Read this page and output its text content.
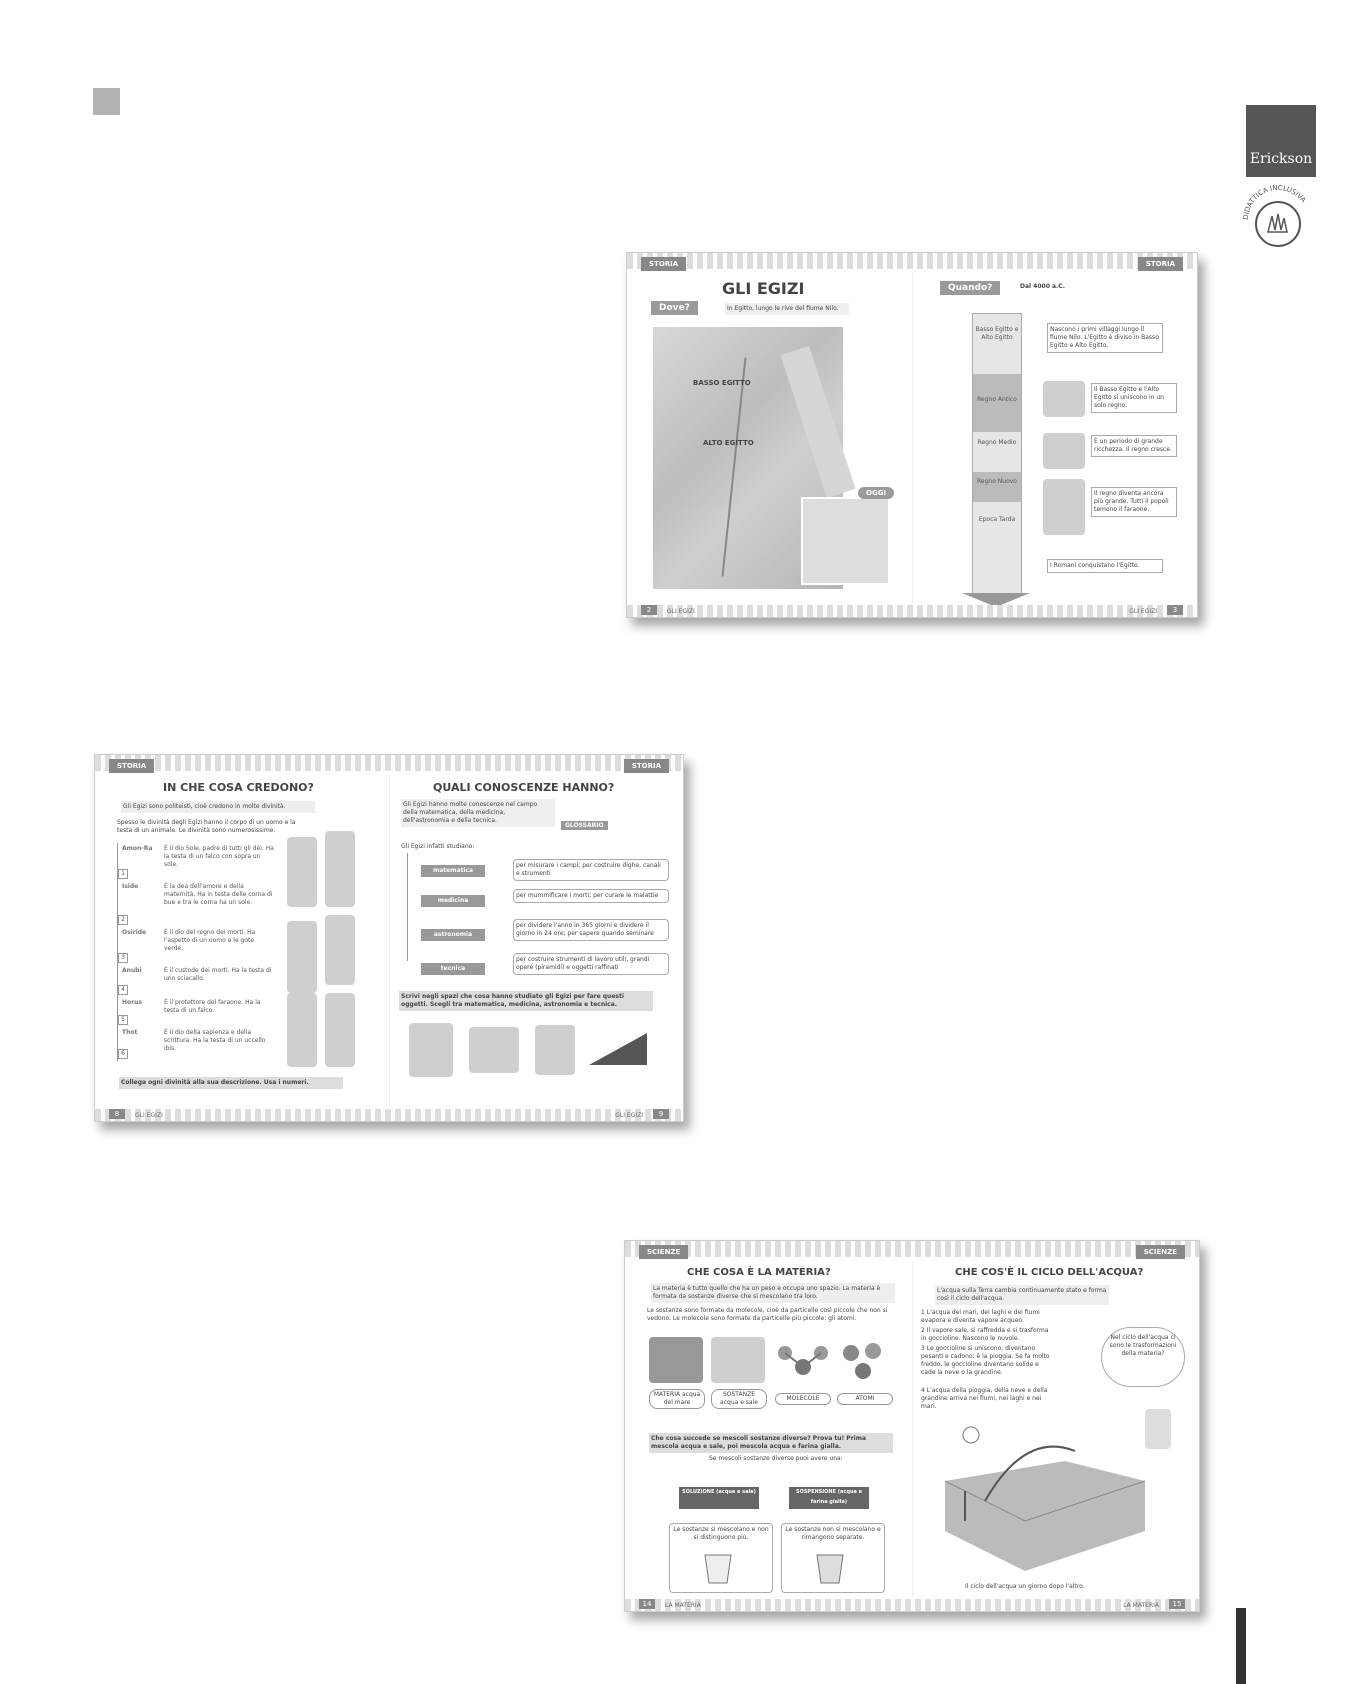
Erickson
DIDATTICA INCLUSIVA
STORIA	STORIA
GLI EGIZI
Dove?	In Egitto, lungo le rive del fiume Nilo.
BASSO EGITTO
ALTO EGITTO
OGGI
Quando?	Dal 4000 a.C.
Basso Egitto e Alto Egitto
Regno Antico
Regno Medio
Regno Nuovo
Epoca Tarda
Nascono i primi villaggi lungo il fiume Nilo. L'Egitto è diviso in Basso Egitto e Alto Egitto.
Il Basso Egitto e l'Alto Egitto si uniscono in un solo regno.
È un periodo di grande ricchezza. Il regno cresce.
Il regno diventa ancora più grande. Tutti il popoli temono il faraone.
I Romani conquistano l'Egitto.
2	GLI EGIZI	GLI EGIZI	3
STORIA	STORIA
IN CHE COSA CREDONO?
Gli Egizi sono politeisti, cioè credono in molte divinità.
Spesso le divinità degli Egizi hanno il corpo di un uomo e la testa di un animale. Le divinità sono numerosissime.
Amon-Ra È il dio Sole, padre di tutti gli dèi. Ha la testa di un falco con sopra un sole.
1
Iside	È la dea dell'amore e della maternità. Ha in testa delle corna di bue e tra le corna ha un sole.
2
Osiride	È il dio del regno dei morti. Ha l'aspetto di un uomo e le gote verde.
3
Anubi	È il custode dei morti. Ha la testa di uno sciacallo.
4
Horus	È il protettore del faraone. Ha la testa di un falco.
5
Thot	È il dio della sapienza e della scrittura. Ha la testa di un uccello ibis.
6
Collega ogni divinità alla sua descrizione. Usa i numeri.
QUALI CONOSCENZE HANNO?
Gli Egizi hanno molte conoscenze nel campo della matematica, della medicina, dell'astronomia e della tecnica.
GLOSSARIO
Gli Egizi infatti studiano:
matematica
per misurare i campi; per costruire dighe, canali e strumenti
medicina
per mummificare i morti; per curare le malattie
astronomia
per dividere l'anno in 365 giorni e dividere il giorno in 24 ore; per sapere quando seminare
tecnica
per costruire strumenti di lavoro utili, grandi opere (piramidi) e oggetti raffinati
Scrivi negli spazi che cosa hanno studiato gli Egizi per fare questi oggetti. Scegli tra matematica, medicina, astronomia e tecnica.
8	GLI EGIZI	GLI EGIZI	9
SCIENZE	SCIENZE
CHE COSA È LA MATERIA?
La materia è tutto quello che ha un peso e occupa uno spazio. La materia è formata da sostanze diverse che si mescolano tra loro.
Le sostanze sono formate da molecole, cioè da particelle così piccole che non si vedono. Le molecole sono formate da particelle più piccole: gli atomi.
MATERIA acqua del mare
SOSTANZE acqua e sale
MOLECOLE	ATOMI
Che cosa succede se mescoli sostanze diverse? Prova tu! Prima mescola acqua e sale, poi mescola acqua e farina gialla.
Se mescoli sostanze diverse puoi avere una:
SOLUZIONE (acqua e sale)	SOSPENSIONE (acqua e farina gialla)
Le sostanze si mescolano e non si distinguono più.
Le sostanze non si mescolano e rimangono separate.
CHE COS'È IL CICLO DELL'ACQUA?
L'acqua sulla Terra cambia continuamente stato e forma così il ciclo dell'acqua.
1 L'acqua dei mari, dei laghi e dei fiumi evapora e diventa vapore acqueo.
2 Il vapore sale, si raffredda e si trasforma in goccioline. Nascono le nuvole.
3 Le goccioline si uniscono, diventano pesanti e cadono: è la pioggia. Se fa molto freddo, le goccioline diventano solide e cade la neve o la grandine.
4 L'acqua della pioggia, della neve e della grandine arriva nei fiumi, nei laghi e nei mari.
Nel ciclo dell'acqua ci sono le trasformazioni della materia?
Il ciclo dell'acqua un giorno dopo l'altro.
14	LA MATERIA	LA MATERIA	15
